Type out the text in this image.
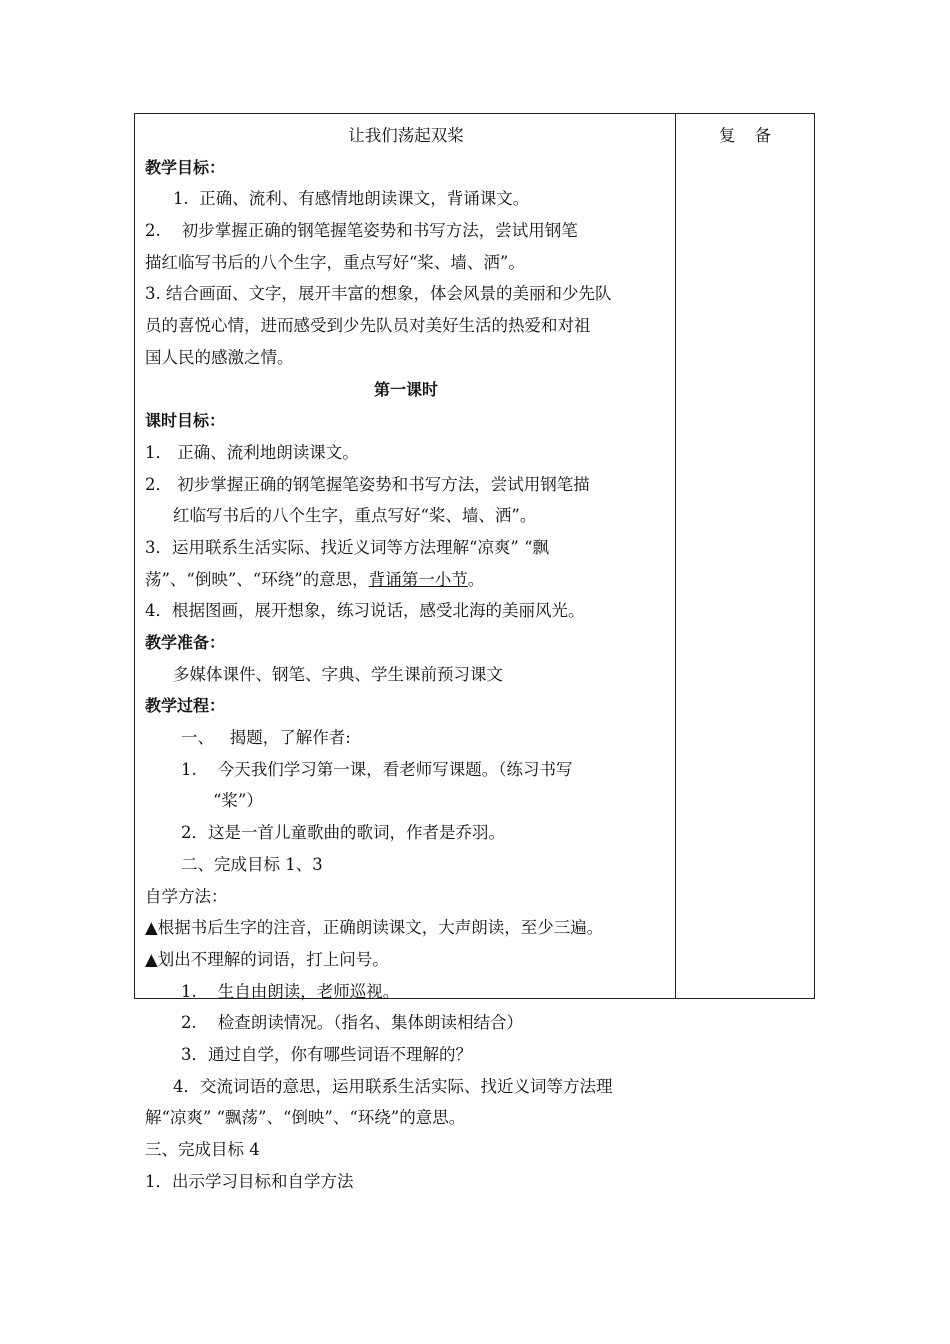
让我们荡起双桨
教学目标：
1.  正确、流利、有感情地朗读课文，背诵课文。
2.    初步掌握正确的钢笔握笔姿势和书写方法，尝试用钢笔
描红临写书后的八个生字，重点写好“桨、墙、洒”。
3. 结合画面、文字，展开丰富的想象，体会风景的美丽和少先队
员的喜悦心情，进而感受到少先队员对美好生活的热爱和对祖
国人民的感激之情。
第一课时
课时目标：
1． 正确、流利地朗读课文。
2． 初步掌握正确的钢笔握笔姿势和书写方法，尝试用钢笔描
红临写书后的八个生字，重点写好“桨、墙、洒”。
3．运用联系生活实际、找近义词等方法理解“凉爽” “飘
荡”、“倒映”、“环绕”的意思，背诵第一小节。
4．根据图画，展开想象，练习说话，感受北海的美丽风光。
教学准备：
多媒体课件、钢笔、字典、学生课前预习课文
教学过程：
一、   揭题，了解作者:
1.    今天我们学习第一课，看老师写课题。（练习书写
“桨”）
2．这是一首儿童歌曲的歌词，作者是乔羽。
二、完成目标 1、3
自学方法：
▲根据书后生字的注音，正确朗读课文，大声朗读，至少三遍。
▲划出不理解的词语，打上问号。
1.    生自由朗读，老师巡视。
2.    检查朗读情况。（指名、集体朗读相结合）
3．通过自学，你有哪些词语不理解的？
4．交流词语的意思，运用联系生活实际、找近义词等方法理
解“凉爽” “飘荡”、“倒映”、“环绕”的意思。
三、完成目标 4
1．出示学习目标和自学方法
复 备
